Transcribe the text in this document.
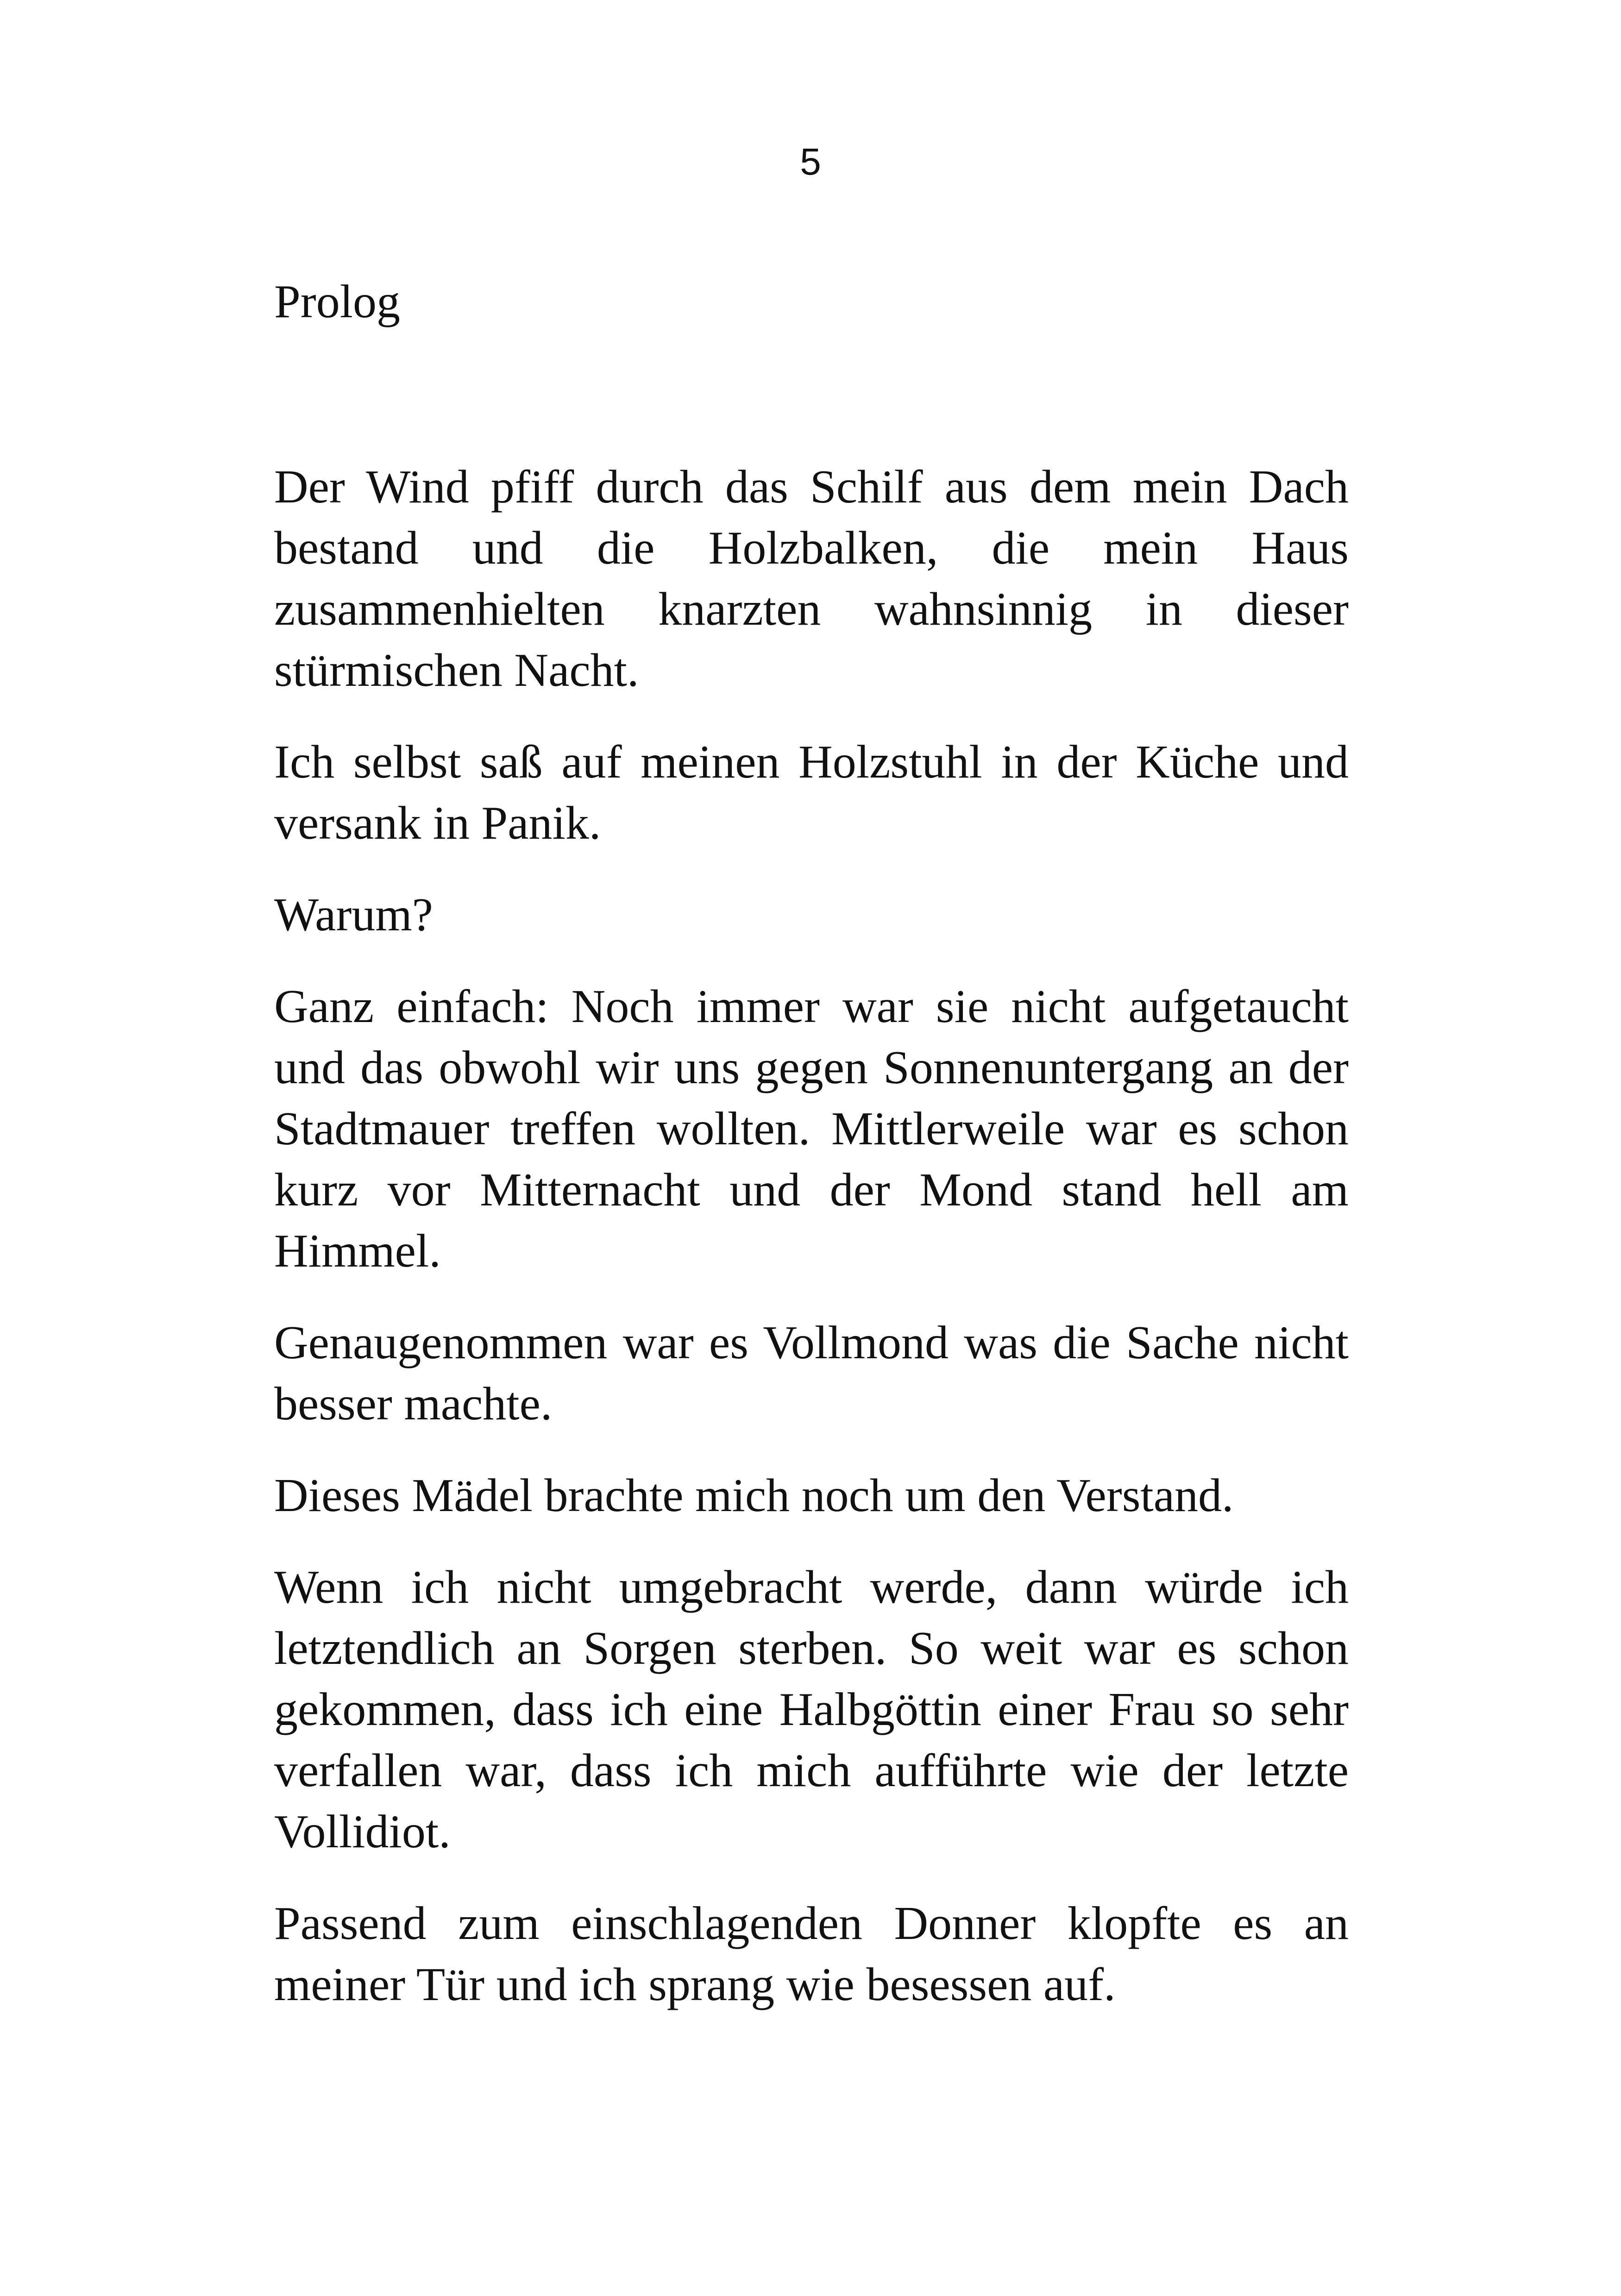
5
Prolog

Der Wind pfiff durch das Schilf aus dem mein Dach bestand und die Holzbalken, die mein Haus zusammenhielten knarzten wahnsinnig in dieser stürmischen Nacht.

Ich selbst saß auf meinen Holzstuhl in der Küche und versank in Panik.

Warum?

Ganz einfach: Noch immer war sie nicht aufgetaucht und das obwohl wir uns gegen Sonnenuntergang an der Stadtmauer treffen wollten. Mittlerweile war es schon kurz vor Mitternacht und der Mond stand hell am Himmel.

Genaugenommen war es Vollmond was die Sache nicht besser machte.

Dieses Mädel brachte mich noch um den Verstand.

Wenn ich nicht umgebracht werde, dann würde ich letztendlich an Sorgen sterben. So weit war es schon gekommen, dass ich eine Halbgöttin einer Frau so sehr verfallen war, dass ich mich aufführte wie der letzte Vollidiot.

Passend zum einschlagenden Donner klopfte es an meiner Tür und ich sprang wie besessen auf.
